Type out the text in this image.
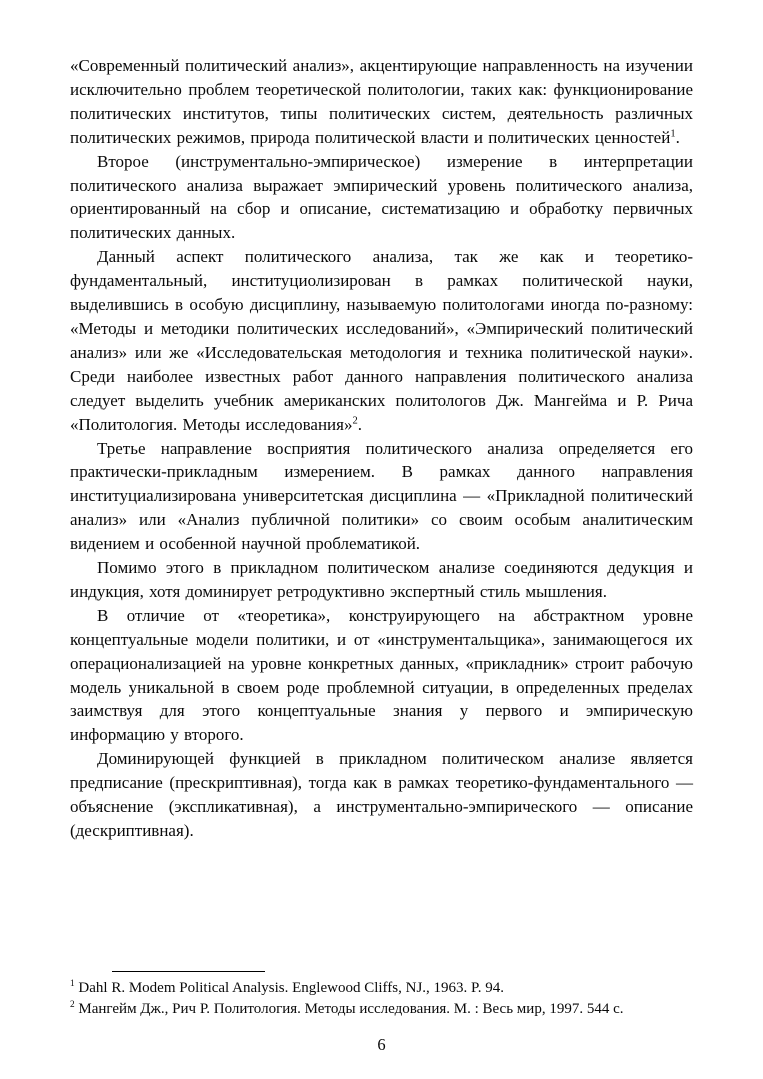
«Современный политический анализ», акцентирующие направленность на изучении исключительно проблем теоретической политологии, таких как: функционирование политических институтов, типы политических систем, деятельность различных политических режимов, природа политической власти и политических ценностей$^1$.

Второе (инструментально-эмпирическое) измерение в интерпретации политического анализа выражает эмпирический уровень политического анализа, ориентированный на сбор и описание, систематизацию и обработку первичных политических данных.

Данный аспект политического анализа, так же как и теоретико-фундаментальный, институциолизирован в рамках политической науки, выделившись в особую дисциплину, называемую политологами иногда по-разному: «Методы и методики политических исследований», «Эмпирический политический анализ» или же «Исследовательская методология и техника политической науки». Среди наиболее известных работ данного направления политического анализа следует выделить учебник американских политологов Дж. Мангейма и Р. Рича «Политология. Методы исследования»$^2$.

Третье направление восприятия политического анализа определяется его практически-прикладным измерением. В рамках данного направления институциализирована университетская дисциплина — «Прикладной политический анализ» или «Анализ публичной политики» со своим особым аналитическим видением и особенной научной проблематикой.

Помимо этого в прикладном политическом анализе соединяются дедукция и индукция, хотя доминирует ретродуктивно экспертный стиль мышления.

В отличие от «теоретика», конструирующего на абстрактном уровне концептуальные модели политики, и от «инструментальщика», занимающегося их операционализацией на уровне конкретных данных, «прикладник» строит рабочую модель уникальной в своем роде проблемной ситуации, в определенных пределах заимствуя для этого концептуальные знания у первого и эмпирическую информацию у второго.

Доминирующей функцией в прикладном политическом анализе является предписание (прескриптивная), тогда как в рамках теоретико-фундаментального — объяснение (экспликативная), а инструментально-эмпирического — описание (дескриптивная).

$^1$ Dahl R. Modem Political Analysis. Englewood Cliffs, NJ., 1963. P. 94.

$^2$ Мангейм Дж., Рич Р. Политология. Методы исследования. М. : Весь мир, 1997. 544 с.

6
